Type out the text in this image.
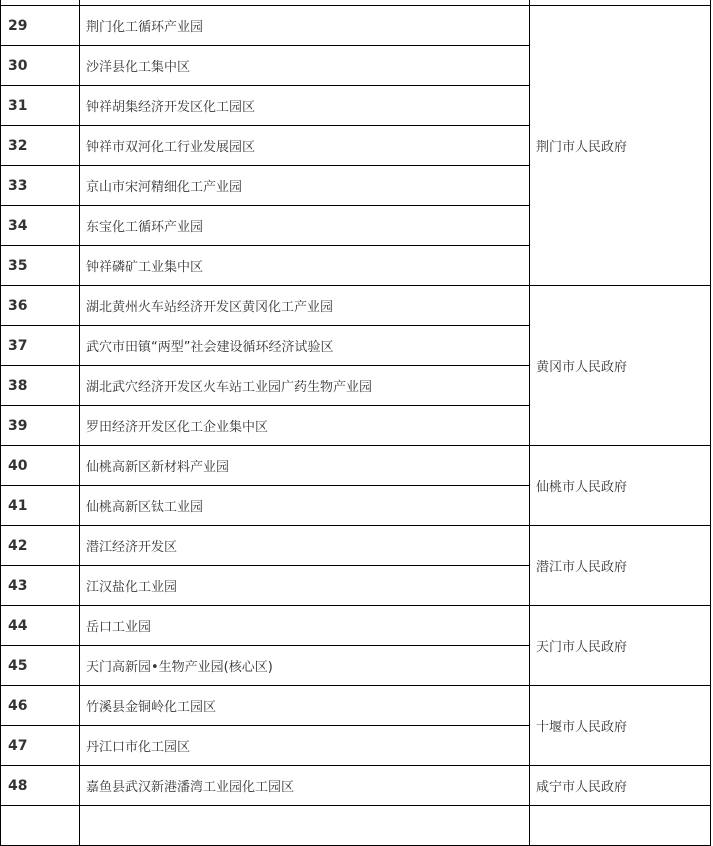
29	荆门化工循环产业园	荆门市人民政府
30	沙洋县化工集中区	
31	钟祥胡集经济开发区化工园区	
32	钟祥市双河化工行业发展园区	
33	京山市宋河精细化工产业园	
34	东宝化工循环产业园	
35	钟祥磷矿工业集中区	
36	湖北黄州火车站经济开发区黄冈化工产业园	黄冈市人民政府
37	武穴市田镇“两型”社会建设循环经济试验区	
38	湖北武穴经济开发区火车站工业园广药生物产业园	
39	罗田经济开发区化工企业集中区	
40	仙桃高新区新材料产业园	仙桃市人民政府
41	仙桃高新区钛工业园	
42	潜江经济开发区	潜江市人民政府
43	江汉盐化工业园	
44	岳口工业园	天门市人民政府
45	天门高新园•生物产业园(核心区)	
46	竹溪县金铜岭化工园区	十堰市人民政府
47	丹江口市化工园区	
48	嘉鱼县武汉新港潘湾工业园化工园区	咸宁市人民政府
